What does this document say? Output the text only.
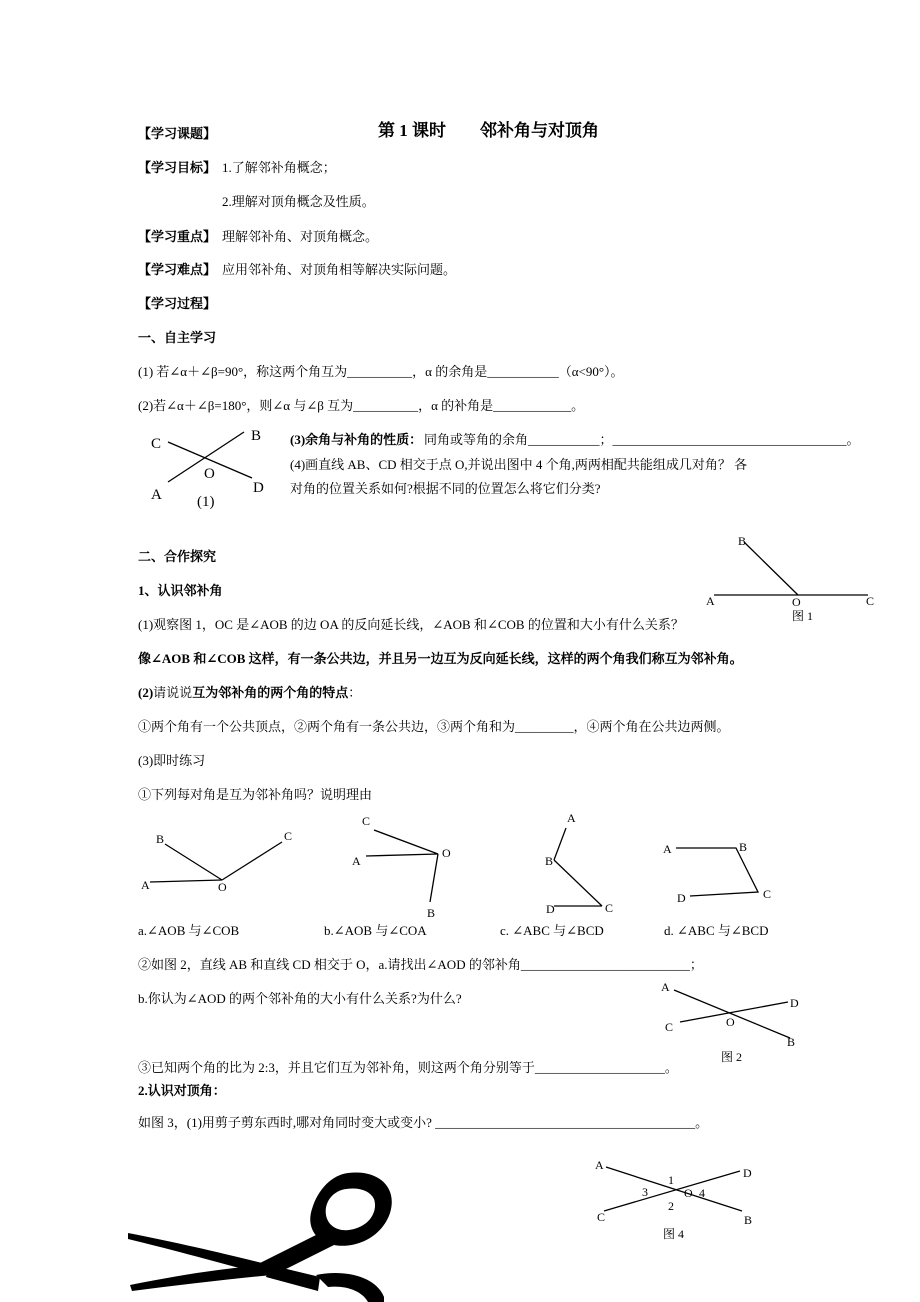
【学习课题】	第 1 课时　　邻补角与对顶角
【学习目标】 1.了解邻补角概念；
2.理解对顶角概念及性质。
【学习重点】 理解邻补角、对顶角概念。
【学习难点】 应用邻补角、对顶角相等解决实际问题。
【学习过程】
一、自主学习
(1) 若∠α＋∠β=90°，称这两个角互为__________，α 的余角是___________（α<90°）。
(2)若∠α＋∠β=180°，则∠α 与∠β 互为__________，α 的补角是____________。
C	B
O
A	D
(1)
(3)余角与补角的性质： 同角或等角的余角___________；____________________________________。
(4)画直线 AB、CD 相交于点 O,并说出图中 4 个角,两两相配共能组成几对角？ 各
对角的位置关系如何?根据不同的位置怎么将它们分类?
二、合作探究
B
A	O	C
图 1
1、认识邻补角
(1)观察图 1，OC 是∠AOB 的边 OA 的反向延长线，∠AOB 和∠COB 的位置和大小有什么关系？
像∠AOB 和∠COB 这样，有一条公共边，并且另一边互为反向延长线，这样的两个角我们称互为邻补角。
(2)请说说互为邻补角的两个角的特点：
①两个角有一个公共顶点，②两个角有一条公共边，③两个角和为_________，④两个角在公共边两侧。
(3)即时练习
①下列每对角是互为邻补角吗？说明理由
B	C
A	O
a.∠AOB 与∠COB
C
A
O
B
b.∠AOB 与∠COA
A
B
D	C
c. ∠ABC 与∠BCD
A	B
D	C
d. ∠ABC 与∠BCD
②如图 2，直线 AB 和直线 CD 相交于 O，a.请找出∠AOD 的邻补角__________________________；
b.你认为∠AOD 的两个邻补角的大小有什么关系?为什么?
A
D
C	O
B
图 2
③已知两个角的比为 2:3，并且它们互为邻补角，则这两个角分别等于____________________。
2.认识对顶角：
如图 3，(1)用剪子剪东西时,哪对角同时变大或变小? ________________________________________。
A
D
1
3	O 4
2
C	B
图 4
